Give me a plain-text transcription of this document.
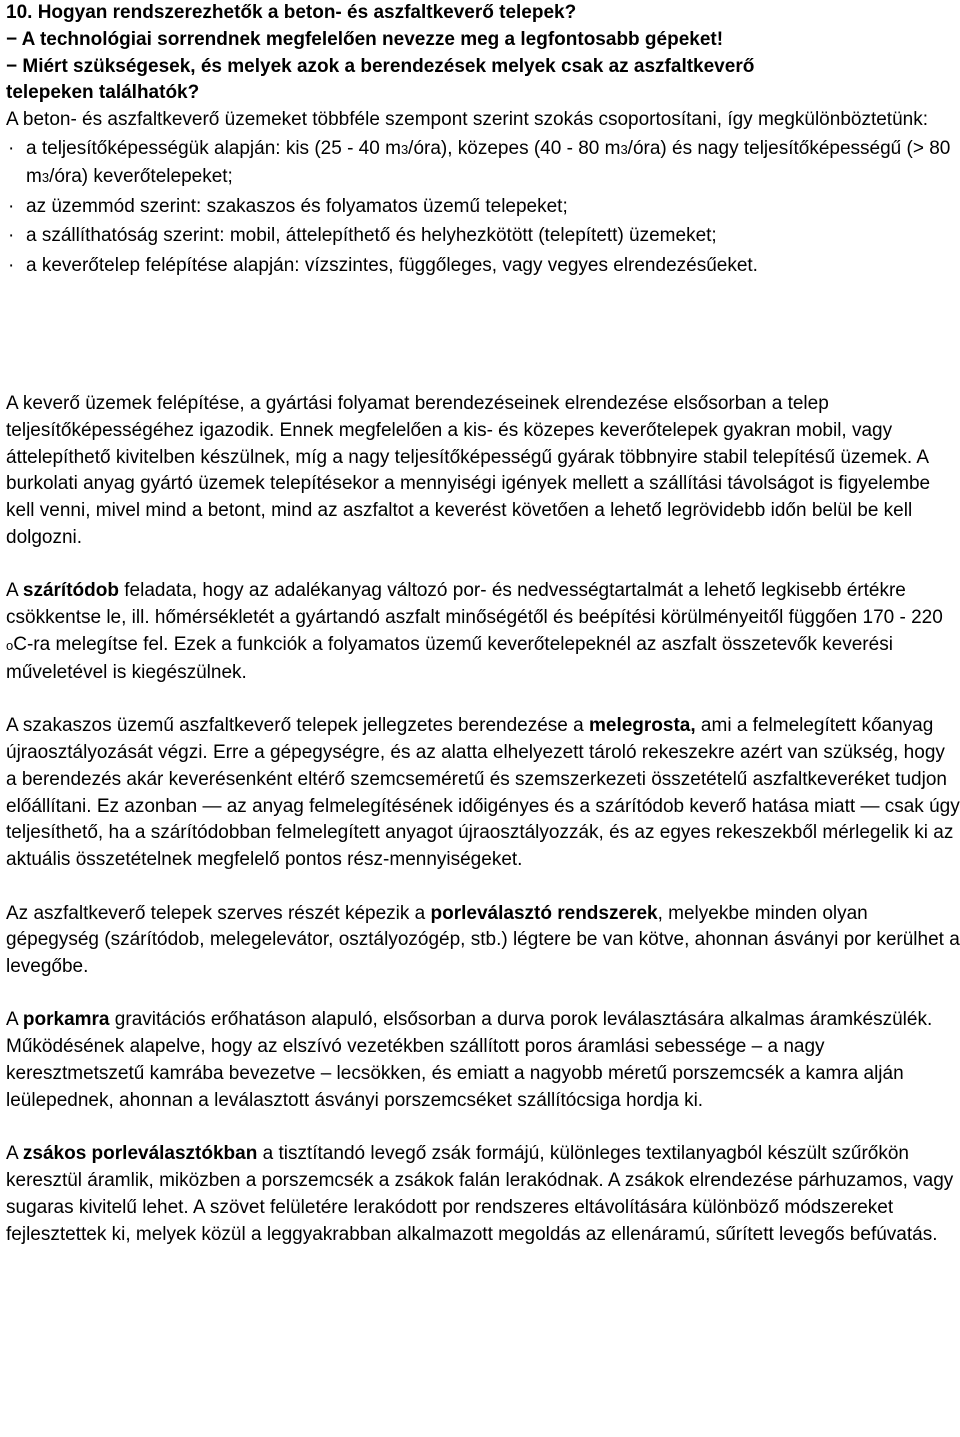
10. Hogyan rendszerezhetők a beton- és aszfaltkeverő telepek?
− A technológiai sorrendnek megfelelően nevezze meg a legfontosabb gépeket!
− Miért szükségesek, és melyek azok a berendezések melyek csak az aszfaltkeverő
telepeken találhatók?

A beton- és aszfaltkeverő üzemeket többféle szempont szerint szokás csoportosítani, így megkülönböztetünk:

· a teljesítőképességük alapján: kis (25 - 40 m3/óra), közepes (40 - 80 m3/óra) és nagy teljesítőképességű (> 80 m3/óra) keverőtelepeket;
· az üzemmód szerint: szakaszos és folyamatos üzemű telepeket;
· a szállíthatóság szerint: mobil, áttelepíthető és helyhezkötött (telepített) üzemeket;
· a keverőtelep felépítése alapján: vízszintes, függőleges, vagy vegyes elrendezésűeket.

A keverő üzemek felépítése, a gyártási folyamat berendezéseinek elrendezése elsősorban a telep teljesítőképességéhez igazodik. Ennek megfelelően a kis- és közepes keverőtelepek gyakran mobil, vagy áttelepíthető kivitelben készülnek, míg a nagy teljesítőképességű gyárak többnyire stabil telepítésű üzemek. A burkolati anyag gyártó üzemek telepítésekor a mennyiségi igények mellett a szállítási távolságot is figyelembe kell venni, mivel mind a betont, mind az aszfaltot a keverést követően a lehető legrövidebb időn belül be kell dolgozni.

A szárítódob feladata, hogy az adalékanyag változó por- és nedvességtartalmát a lehető legkisebb értékre csökkentse le, ill. hőmérsékletét a gyártandó aszfalt minőségétől és beépítési körülményeitől függően 170 - 220 oC-ra melegítse fel. Ezek a funkciók a folyamatos üzemű keverőtelepeknél az aszfalt összetevők keverési műveletével is kiegészülnek.

A szakaszos üzemű aszfaltkeverő telepek jellegzetes berendezése a melegrosta, ami a felmelegített kőanyag újraosztályozását végzi. Erre a gépegységre, és az alatta elhelyezett tároló rekeszekre azért van szükség, hogy a berendezés akár keverésenként eltérő szemcseméretű és szemszerkezeti összetételű aszfaltkeveréket tudjon előállítani. Ez azonban — az anyag felmelegítésének időigényes és a szárítódob keverő hatása miatt — csak úgy teljesíthető, ha a szárítódobban felmelegített anyagot újraosztályozzák, és az egyes rekeszekből mérlegelik ki az aktuális összetételnek megfelelő pontos rész-mennyiségeket.

Az aszfaltkeverő telepek szerves részét képezik a porleválasztó rendszerek, melyekbe minden olyan gépegység (szárítódob, melegelevátor, osztályozógép, stb.) légtere be van kötve, ahonnan ásványi por kerülhet a levegőbe.

A porkamra gravitációs erőhatáson alapuló, elsősorban a durva porok leválasztására alkalmas áramkészülék. Működésének alapelve, hogy az elszívó vezetékben szállított poros áramlási sebessége – a nagy keresztmetszetű kamrába bevezetve – lecsökken, és emiatt a nagyobb méretű porszemcsék a kamra alján leülepednek, ahonnan a leválasztott ásványi porszemcséket szállítócsiga hordja ki.

A zsákos porleválasztókban a tisztítandó levegő zsák formájú, különleges textilanyagból készült szűrőkön keresztül áramlik, miközben a porszemcsék a zsákok falán lerakódnak. A zsákok elrendezése párhuzamos, vagy sugaras kivitelű lehet. A szövet felületére lerakódott por rendszeres eltávolítására különböző módszereket fejlesztettek ki, melyek közül a leggyakrabban alkalmazott megoldás az ellenáramú, sűrített levegős befúvatás.
